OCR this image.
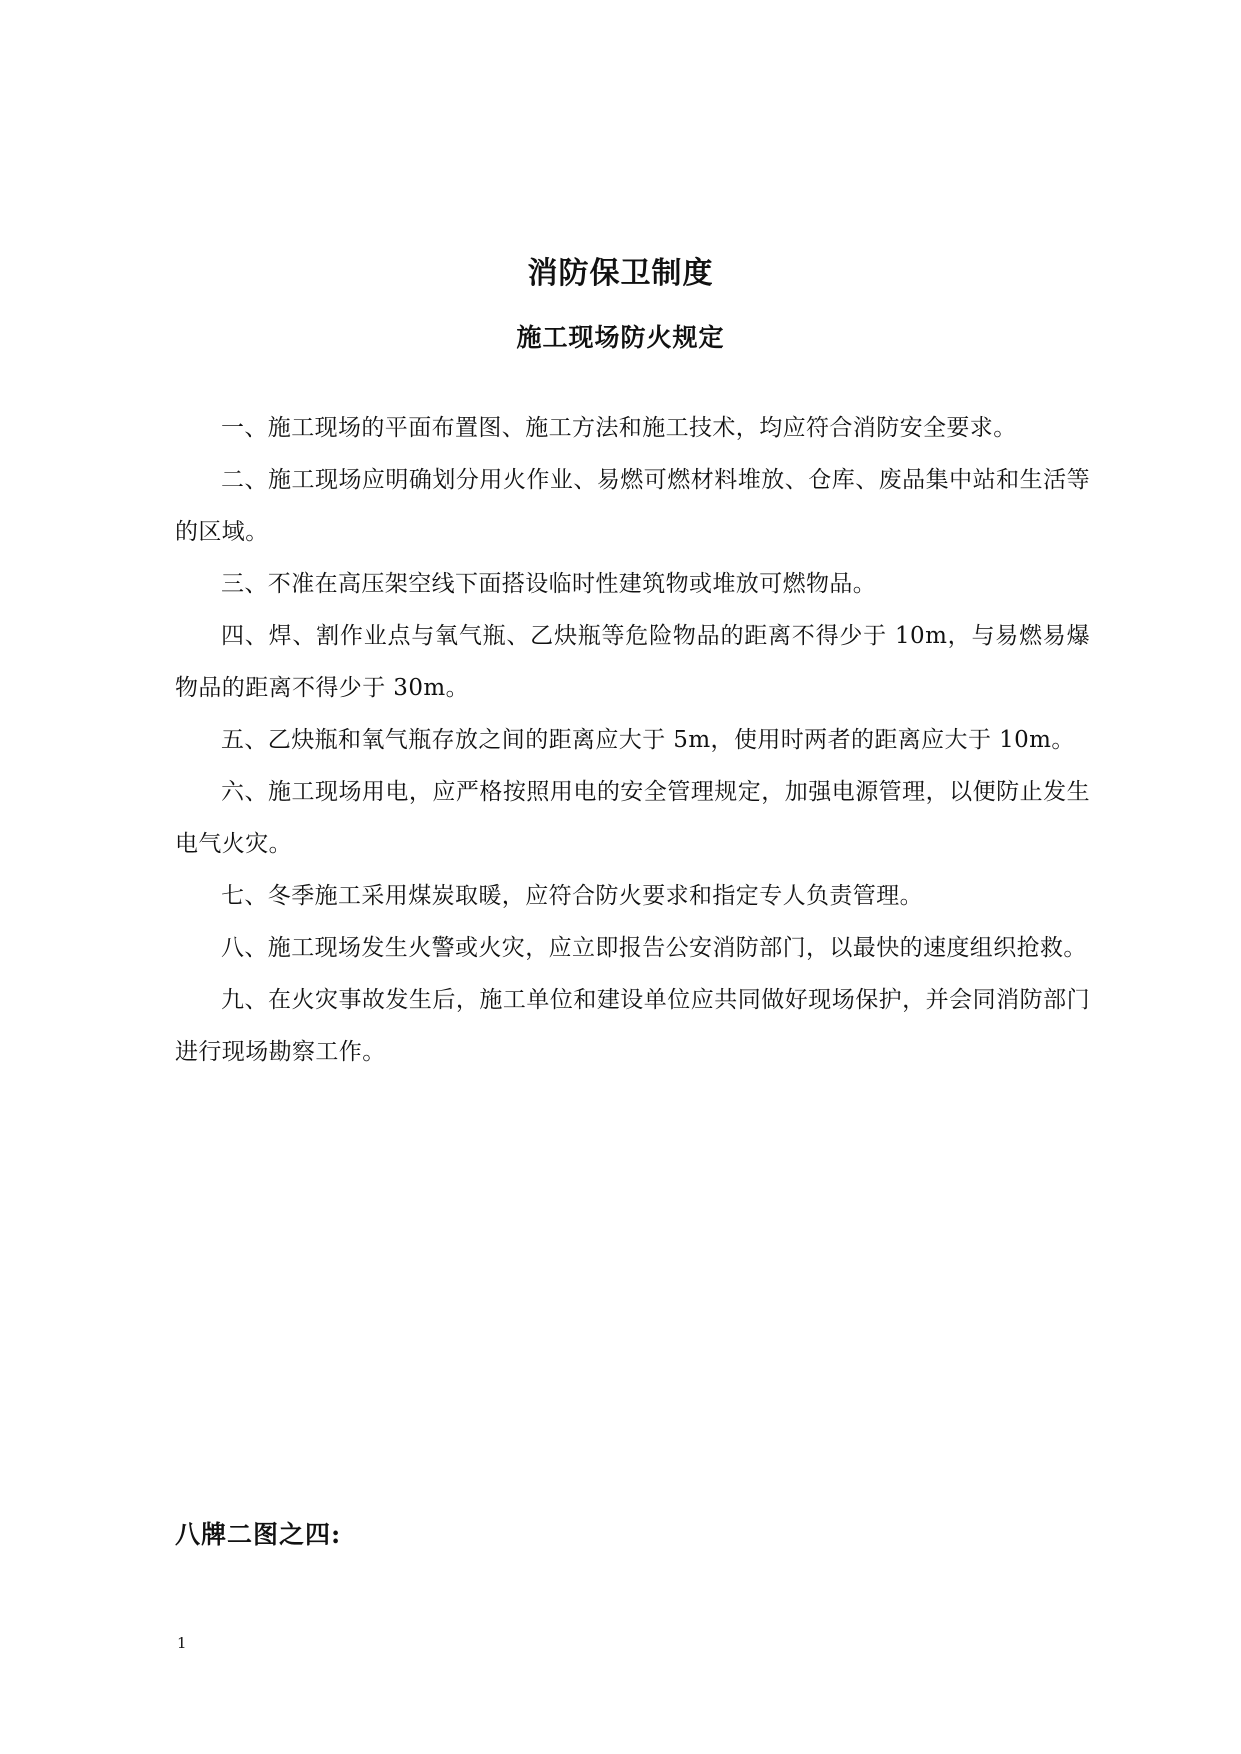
消防保卫制度
施工现场防火规定

一、施工现场的平面布置图、施工方法和施工技术，均应符合消防安全要求。

二、施工现场应明确划分用火作业、易燃可燃材料堆放、仓库、废品集中站和生活等的区域。

三、不准在高压架空线下面搭设临时性建筑物或堆放可燃物品。

四、焊、割作业点与氧气瓶、乙炔瓶等危险物品的距离不得少于 10m，与易燃易爆物品的距离不得少于 30m。

五、乙炔瓶和氧气瓶存放之间的距离应大于 5m，使用时两者的距离应大于 10m。

六、施工现场用电，应严格按照用电的安全管理规定，加强电源管理，以便防止发生电气火灾。

七、冬季施工采用煤炭取暖，应符合防火要求和指定专人负责管理。

八、施工现场发生火警或火灾，应立即报告公安消防部门，以最快的速度组织抢救。

九、在火灾事故发生后，施工单位和建设单位应共同做好现场保护，并会同消防部门进行现场勘察工作。

八牌二图之四:
1
